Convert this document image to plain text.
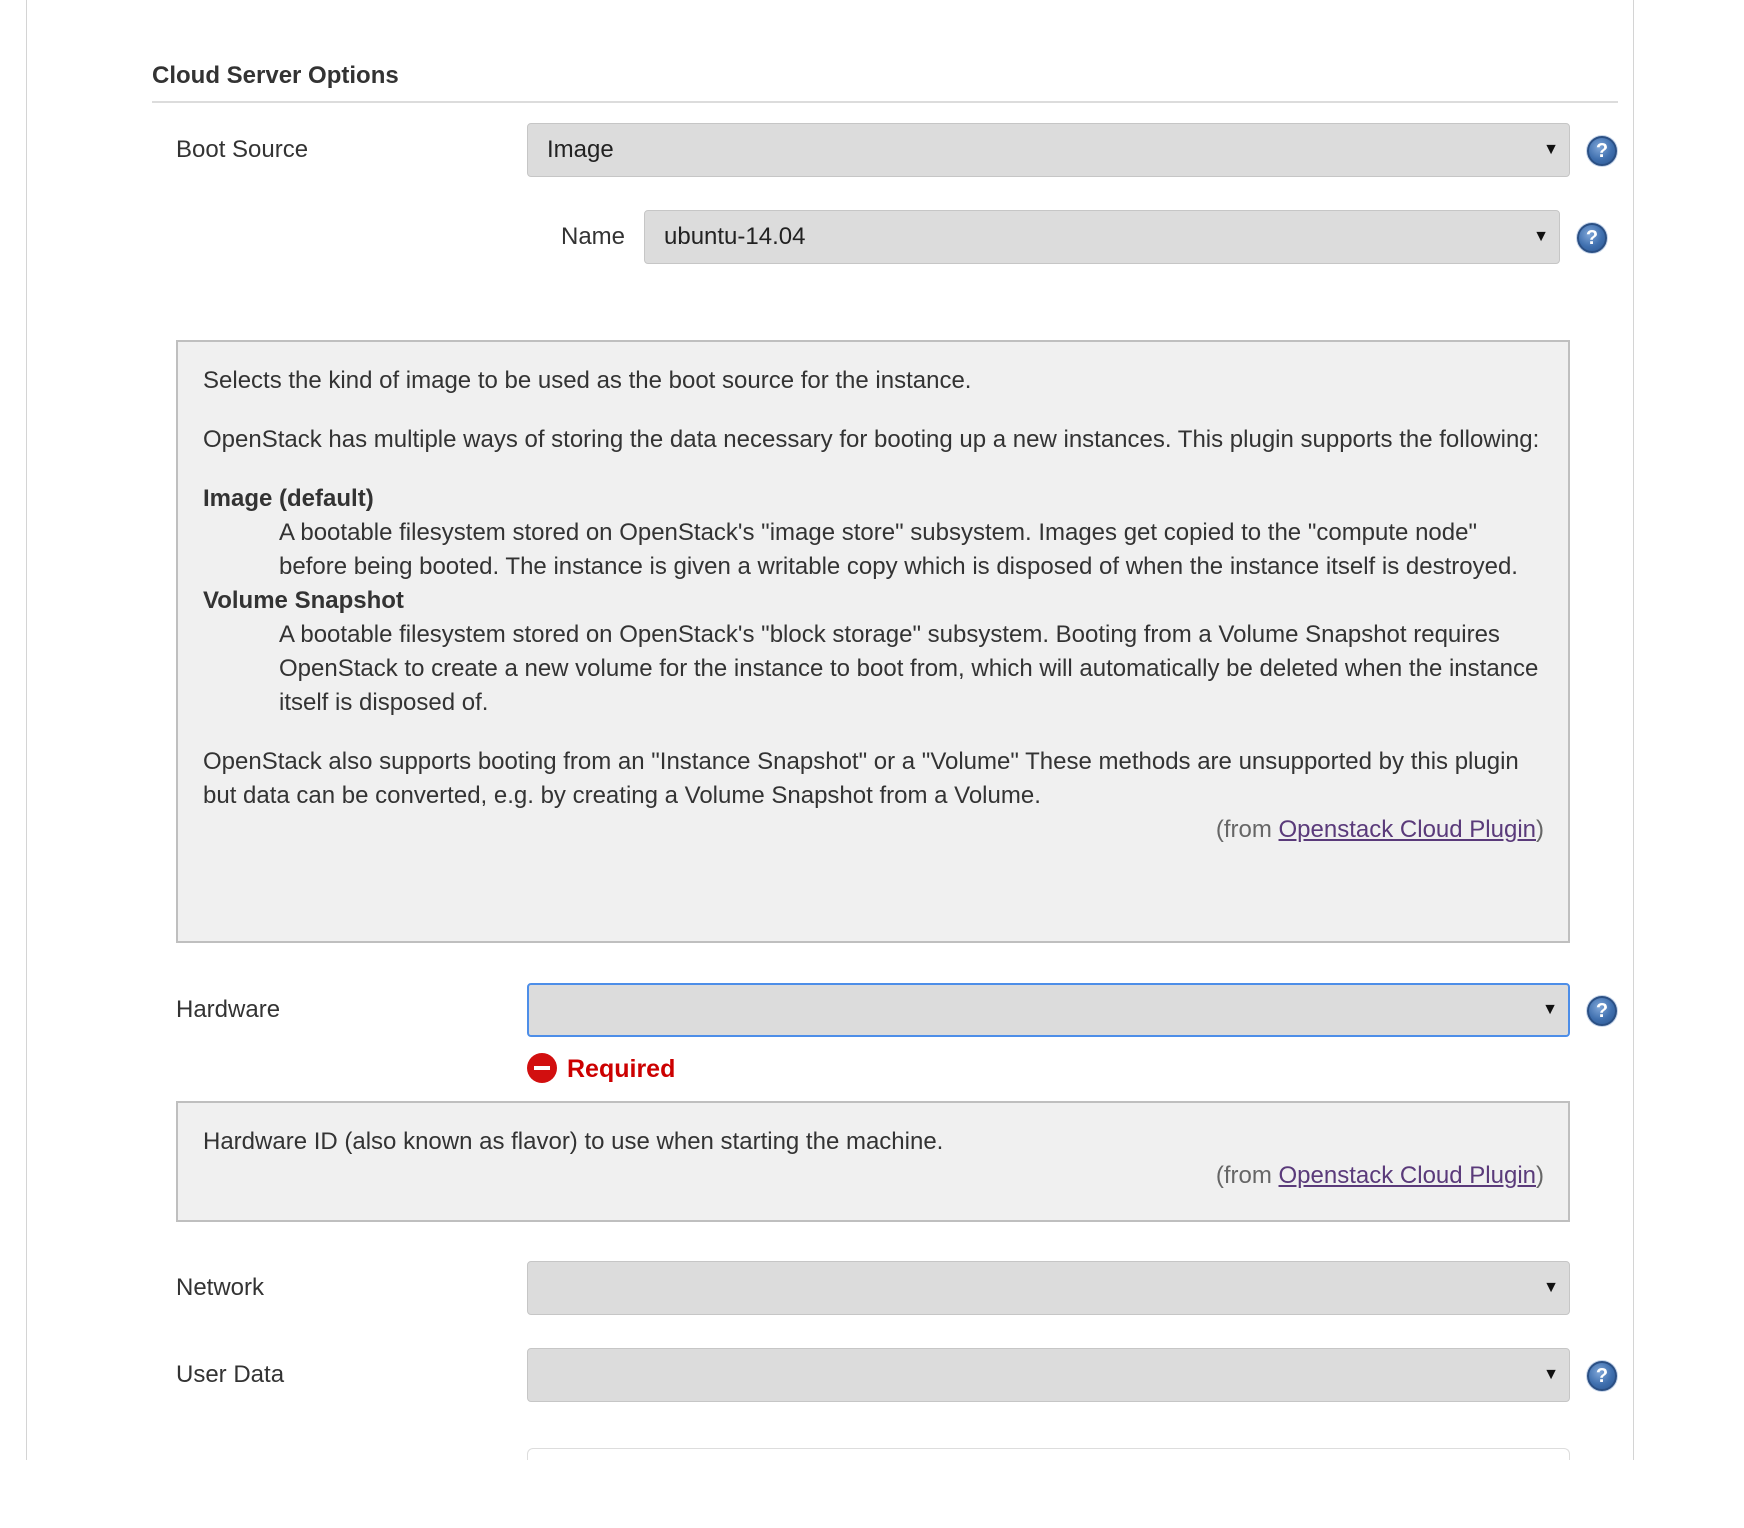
Cloud Server Options
Boot Source	Image	▼	?
Name	ubuntu-14.04	▼	?

Selects the kind of image to be used as the boot source for the instance.

OpenStack has multiple ways of storing the data necessary for booting up a new instances. This plugin supports the following:

Image (default)
A bootable filesystem stored on OpenStack's "image store" subsystem. Images get copied to the "compute node" before being booted. The instance is given a writable copy which is disposed of when the instance itself is destroyed.
Volume Snapshot
A bootable filesystem stored on OpenStack's "block storage" subsystem. Booting from a Volume Snapshot requires OpenStack to create a new volume for the instance to boot from, which will automatically be deleted when the instance itself is disposed of.
OpenStack also supports booting from an "Instance Snapshot" or a "Volume" These methods are unsupported by this plugin but data can be converted, e.g. by creating a Volume Snapshot from a Volume.
(from Openstack Cloud Plugin)
Hardware	▼	?
Required
Hardware ID (also known as flavor) to use when starting the machine.
(from Openstack Cloud Plugin)
Network	▼
User Data	▼	?
